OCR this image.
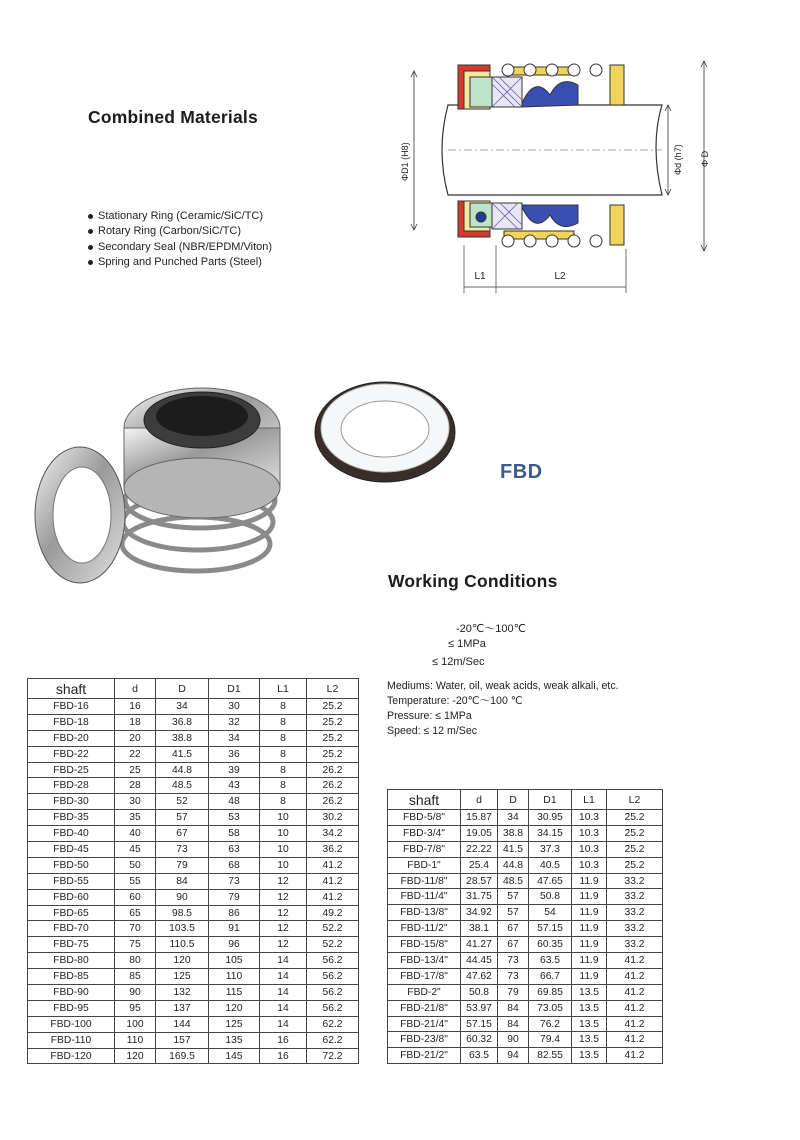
Combined Materials
Stationary Ring (Ceramic/SiC/TC)
Rotary Ring (Carbon/SiC/TC)
Secondary Seal (NBR/EPDM/Viton)
Spring and Punched Parts (Steel)
ΦD1 (H8)	Φd (h7) Φ D
L1	L2
FBD
Working Conditions
-20℃～100℃
≤ 1MPa
≤ 12m/Sec
Mediums: Water, oil, weak acids, weak alkali, etc.
Temperature: -20℃～100 ℃
Pressure: ≤ 1MPa
Speed: ≤ 12 m/Sec
shaft	d	D	D1	L1	L2
FBD-16	16	34	30	8	25.2
FBD-18	18	36.8	32	8	25.2
FBD-20	20	38.8	34	8	25.2
FBD-22	22	41.5	36	8	25.2
FBD-25	25	44.8	39	8	26.2
FBD-28	28	48.5	43	8	26.2
FBD-30	30	52	48	8	26.2
FBD-35	35	57	53	10	30.2
FBD-40	40	67	58	10	34.2
FBD-45	45	73	63	10	36.2
FBD-50	50	79	68	10	41.2
FBD-55	55	84	73	12	41.2
FBD-60	60	90	79	12	41.2
FBD-65	65	98.5	86	12	49.2
FBD-70	70	103.5	91	12	52.2
FBD-75	75	110.5	96	12	52.2
FBD-80	80	120	105	14	56.2
FBD-85	85	125	110	14	56.2
FBD-90	90	132	115	14	56.2
FBD-95	95	137	120	14	56.2
FBD-100	100	144	125	14	62.2
FBD-110	110	157	135	16	62.2
FBD-120	120	169.5	145	16	72.2
shaft	d	D	D1	L1	L2
FBD-5/8"	15.87	34	30.95	10.3	25.2
FBD-3/4"	19.05	38.8	34.15	10.3	25.2
FBD-7/8"	22.22	41.5	37.3	10.3	25.2
FBD-1"	25.4	44.8	40.5	10.3	25.2
FBD-11/8"	28.57	48.5	47.65	11.9	33.2
FBD-11/4"	31.75	57	50.8	11.9	33.2
FBD-13/8"	34.92	57	54	11.9	33.2
FBD-11/2"	38.1	67	57.15	11.9	33.2
FBD-15/8"	41.27	67	60.35	11.9	33.2
FBD-13/4"	44.45	73	63.5	11.9	41.2
FBD-17/8"	47.62	73	66.7	11.9	41.2
FBD-2"	50.8	79	69.85	13.5	41.2
FBD-21/8"	53.97	84	73.05	13.5	41.2
FBD-21/4"	57.15	84	76.2	13.5	41.2
FBD-23/8"	60.32	90	79.4	13.5	41.2
FBD-21/2"	63.5	94	82.55	13.5	41.2
